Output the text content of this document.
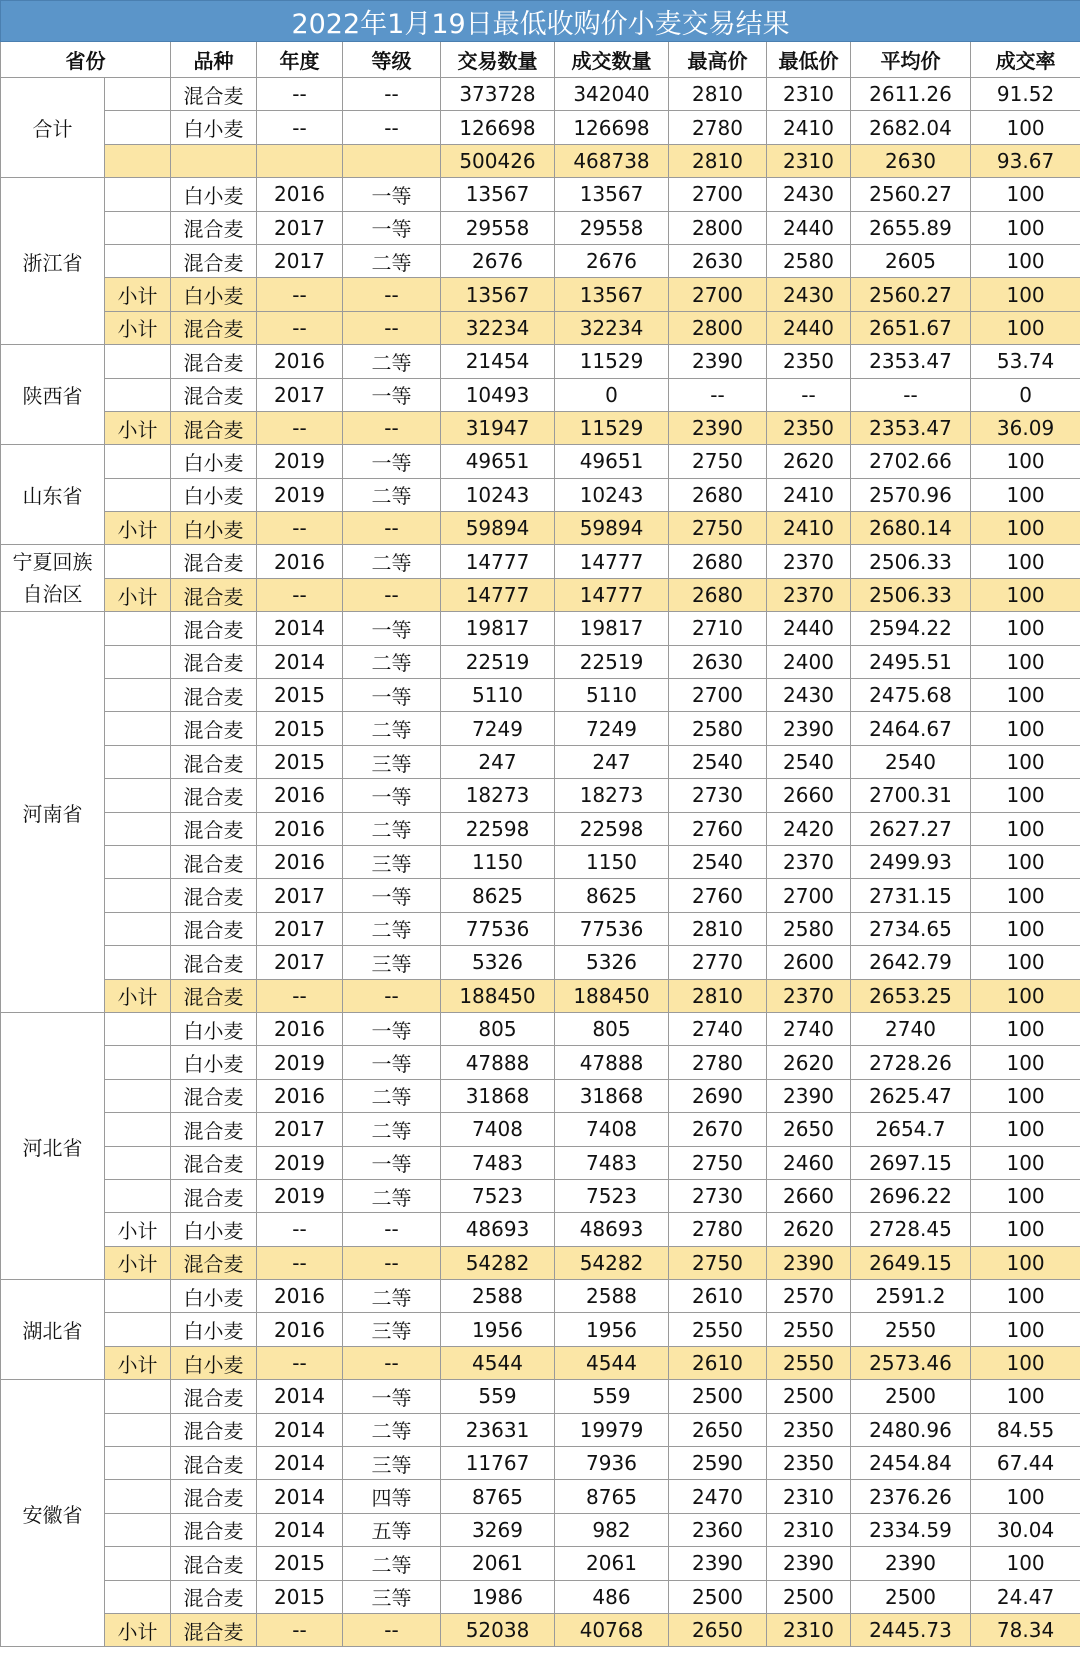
2022年1月19日最低收购价小麦交易结果										
省份		品种	年度	等级	交易数量	成交数量	最高价	最低价	平均价	成交率
合计		混合麦	--	--	373728	342040	2810	2310	2611.26	91.52
		白小麦	--	--	126698	126698	2780	2410	2682.04	100
					500426	468738	2810	2310	2630	93.67
浙江省		白小麦	2016	一等	13567	13567	2700	2430	2560.27	100
		混合麦	2017	一等	29558	29558	2800	2440	2655.89	100
		混合麦	2017	二等	2676	2676	2630	2580	2605	100
	小计	白小麦	--	--	13567	13567	2700	2430	2560.27	100
	小计	混合麦	--	--	32234	32234	2800	2440	2651.67	100
陕西省		混合麦	2016	二等	21454	11529	2390	2350	2353.47	53.74
		混合麦	2017	一等	10493	0	--	--	--	0
	小计	混合麦	--	--	31947	11529	2390	2350	2353.47	36.09
山东省		白小麦	2019	一等	49651	49651	2750	2620	2702.66	100
		白小麦	2019	二等	10243	10243	2680	2410	2570.96	100
	小计	白小麦	--	--	59894	59894	2750	2410	2680.14	100
宁夏回族自治区		混合麦	2016	二等	14777	14777	2680	2370	2506.33	100
	小计	混合麦	--	--	14777	14777	2680	2370	2506.33	100
河南省		混合麦	2014	一等	19817	19817	2710	2440	2594.22	100
		混合麦	2014	二等	22519	22519	2630	2400	2495.51	100
		混合麦	2015	一等	5110	5110	2700	2430	2475.68	100
		混合麦	2015	二等	7249	7249	2580	2390	2464.67	100
		混合麦	2015	三等	247	247	2540	2540	2540	100
		混合麦	2016	一等	18273	18273	2730	2660	2700.31	100
		混合麦	2016	二等	22598	22598	2760	2420	2627.27	100
		混合麦	2016	三等	1150	1150	2540	2370	2499.93	100
		混合麦	2017	一等	8625	8625	2760	2700	2731.15	100
		混合麦	2017	二等	77536	77536	2810	2580	2734.65	100
		混合麦	2017	三等	5326	5326	2770	2600	2642.79	100
	小计	混合麦	--	--	188450	188450	2810	2370	2653.25	100
河北省		白小麦	2016	一等	805	805	2740	2740	2740	100
		白小麦	2019	一等	47888	47888	2780	2620	2728.26	100
		混合麦	2016	二等	31868	31868	2690	2390	2625.47	100
		混合麦	2017	二等	7408	7408	2670	2650	2654.7	100
		混合麦	2019	一等	7483	7483	2750	2460	2697.15	100
		混合麦	2019	二等	7523	7523	2730	2660	2696.22	100
	小计	白小麦	--	--	48693	48693	2780	2620	2728.45	100
	小计	混合麦	--	--	54282	54282	2750	2390	2649.15	100
湖北省		白小麦	2016	二等	2588	2588	2610	2570	2591.2	100
		白小麦	2016	三等	1956	1956	2550	2550	2550	100
	小计	白小麦	--	--	4544	4544	2610	2550	2573.46	100
安徽省		混合麦	2014	一等	559	559	2500	2500	2500	100
		混合麦	2014	二等	23631	19979	2650	2350	2480.96	84.55
		混合麦	2014	三等	11767	7936	2590	2350	2454.84	67.44
		混合麦	2014	四等	8765	8765	2470	2310	2376.26	100
		混合麦	2014	五等	3269	982	2360	2310	2334.59	30.04
		混合麦	2015	二等	2061	2061	2390	2390	2390	100
		混合麦	2015	三等	1986	486	2500	2500	2500	24.47
	小计	混合麦	--	--	52038	40768	2650	2310	2445.73	78.34
